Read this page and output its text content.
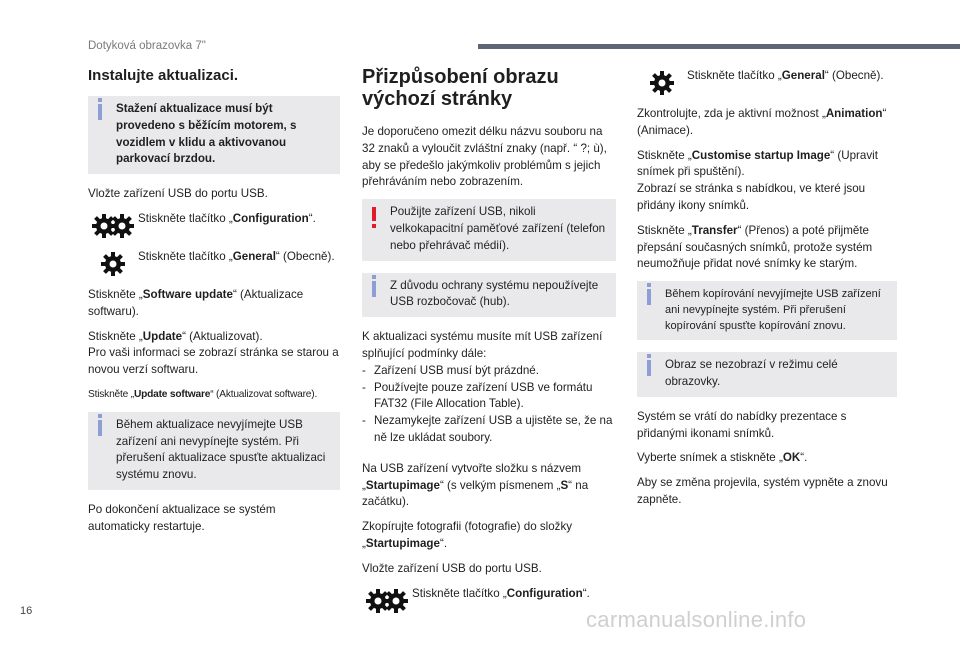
Dotyková obrazovka 7"
Instalujte aktualizaci.
Stažení aktualizace musí být provedeno s běžícím motorem, s vozidlem v klidu a aktivovanou parkovací brzdou.

Vložte zařízení USB do portu USB.

Stiskněte tlačítko „Configuration“.
Stiskněte tlačítko „General“ (Obecně).

Stiskněte „Software update“ (Aktualizace softwaru).

Stiskněte „Update“ (Aktualizovat).
Pro vaši informaci se zobrazí stránka se starou a novou verzí softwaru.

Stiskněte „Update software“ (Aktualizovat software).

Během aktualizace nevyjímejte USB zařízení ani nevypínejte systém. Při přerušení aktualizace spusťte aktualizaci systému znovu.

Po dokončení aktualizace se systém automaticky restartuje.

Přizpůsobení obrazu výchozí stránky

Je doporučeno omezit délku názvu souboru na 32 znaků a vyloučit zvláštní znaky (např. “ ?; ù), aby se předešlo jakýmkoliv problémům s jejich přehráváním nebo zobrazením.

Použijte zařízení USB, nikoli velkokapacitní paměťové zařízení (telefon nebo přehrávač médií).
Z důvodu ochrany systému nepoužívejte USB rozbočovač (hub).

K aktualizaci systému musíte mít USB zařízení splňující podmínky dále:

- Zařízení USB musí být prázdné.
- Používejte pouze zařízení USB ve formátu FAT32 (File Allocation Table).
- Nezamykejte zařízení USB a ujistěte se, že na ně lze ukládat soubory.

Na USB zařízení vytvořte složku s názvem „Startupimage“ (s velkým písmenem „S“ na začátku).

Zkopírujte fotografii (fotografie) do složky „Startupimage“.

Vložte zařízení USB do portu USB.

Stiskněte tlačítko „Configuration“.
Stiskněte tlačítko „General“ (Obecně).

Zkontrolujte, zda je aktivní možnost „Animation“ (Animace).

Stiskněte „Customise startup Image“ (Upravit snímek při spuštění).
Zobrazí se stránka s nabídkou, ve které jsou přidány ikony snímků.

Stiskněte „Transfer“ (Přenos) a poté přijměte přepsání současných snímků, protože systém neumožňuje přidat nové snímky ke starým.

Během kopírování nevyjímejte USB zařízení ani nevypínejte systém. Při přerušení kopírování spusťte kopírování znovu.
Obraz se nezobrazí v režimu celé obrazovky.

Systém se vrátí do nabídky prezentace s přidanými ikonami snímků.

Vyberte snímek a stiskněte „OK“.

Aby se změna projevila, systém vypněte a znovu zapněte.

16	carmanualsonline.info
